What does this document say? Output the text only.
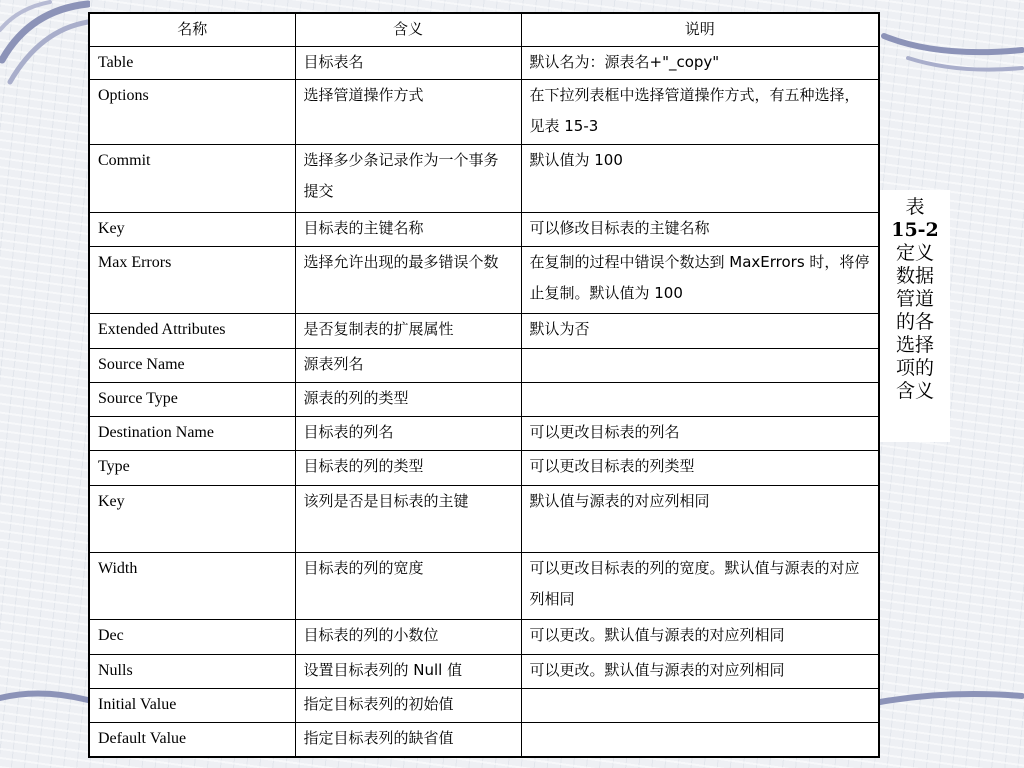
名称	含义	说明
Table	目标表名	默认名为：源表名+"_copy"
Options	选择管道操作方式	在下拉列表框中选择管道操作方式，有五种选择，见表 15-3
Commit	选择多少条记录作为一个事务提交	默认值为 100
Key	目标表的主键名称	可以修改目标表的主键名称
Max Errors	选择允许出现的最多错误个数	在复制的过程中错误个数达到 MaxErrors 时，将停止复制。默认值为 100
Extended Attributes	是否复制表的扩展属性	默认为否
Source Name	源表列名	
Source Type	源表的列的类型	
Destination Name	目标表的列名	可以更改目标表的列名
Type	目标表的列的类型	可以更改目标表的列类型
Key	该列是否是目标表的主键	默认值与源表的对应列相同
Width	目标表的列的宽度	可以更改目标表的列的宽度。默认值与源表的对应列相同
Dec	目标表的列的小数位	可以更改。默认值与源表的对应列相同
Nulls	设置目标表列的 Null 值	可以更改。默认值与源表的对应列相同
Initial Value	指定目标表列的初始值	
Default Value	指定目标表列的缺省值	
表
15-2
定义
数据
管道
的各
选择
项的
含义
